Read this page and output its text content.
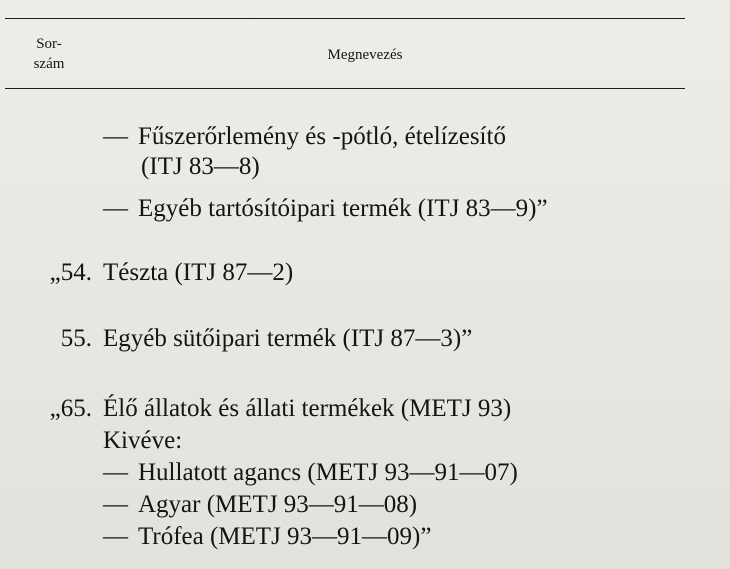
Sor-
szám
Megnevezés
— Fűszerőrlemény és -pótló, ételízesítő
(ITJ 83—8)
— Egyéb tartósítóipari termék (ITJ 83—9)”
„54. Tészta (ITJ 87—2)
55. Egyéb sütőipari termék (ITJ 87—3)”
„65. Élő állatok és állati termékek (METJ 93)
Kivéve:
— Hullatott agancs (METJ 93—91—07)
— Agyar (METJ 93—91—08)
— Trófea (METJ 93—91—09)”
